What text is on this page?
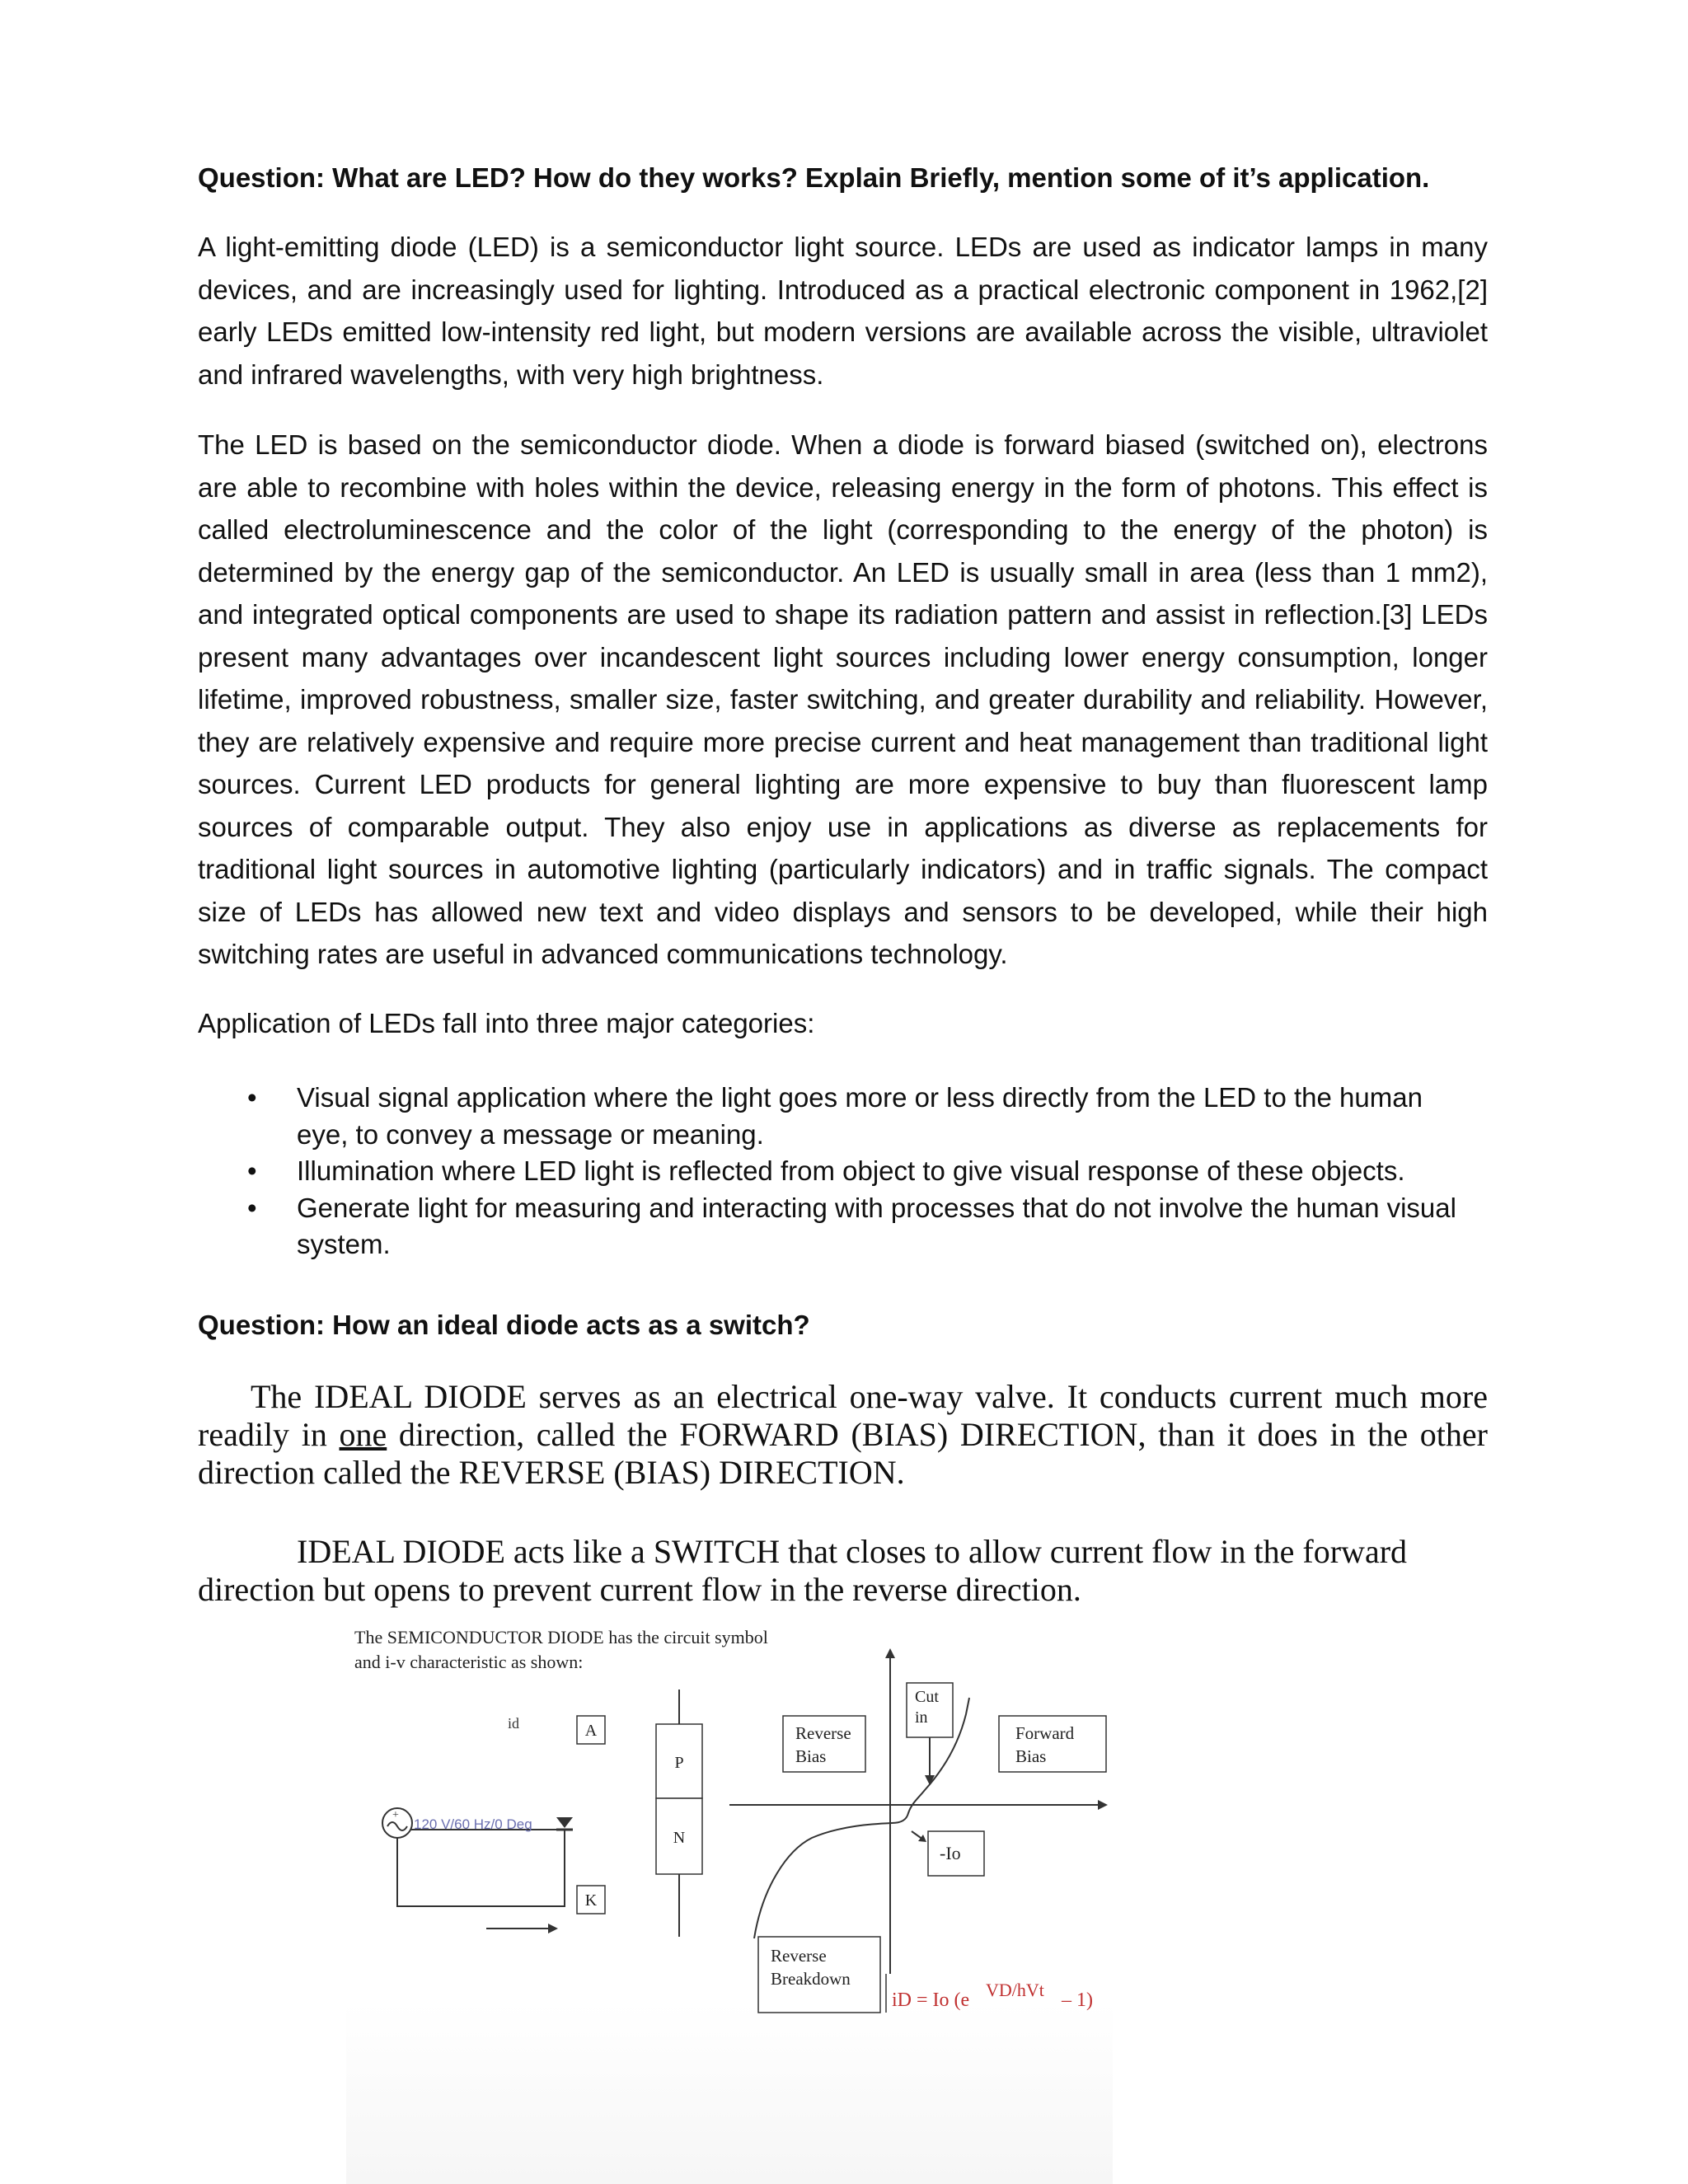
Question: What are LED? How do they works? Explain Briefly, mention some of it’s application.
A light-emitting diode (LED) is a semiconductor light source. LEDs are used as indicator lamps in many devices, and are increasingly used for lighting. Introduced as a practical electronic component in 1962,[2] early LEDs emitted low-intensity red light, but modern versions are available across the visible, ultraviolet and infrared wavelengths, with very high brightness.
The LED is based on the semiconductor diode. When a diode is forward biased (switched on), electrons are able to recombine with holes within the device, releasing energy in the form of photons. This effect is called electroluminescence and the color of the light (corresponding to the energy of the photon) is determined by the energy gap of the semiconductor. An LED is usually small in area (less than 1 mm2), and integrated optical components are used to shape its radiation pattern and assist in reflection.[3] LEDs present many advantages over incandescent light sources including lower energy consumption, longer lifetime, improved robustness, smaller size, faster switching, and greater durability and reliability. However, they are relatively expensive and require more precise current and heat management than traditional light sources. Current LED products for general lighting are more expensive to buy than fluorescent lamp sources of comparable output. They also enjoy use in applications as diverse as replacements for traditional light sources in automotive lighting (particularly indicators) and in traffic signals. The compact size of LEDs has allowed new text and video displays and sensors to be developed, while their high switching rates are useful in advanced communications technology.
Application of LEDs fall into three major categories:
• Visual signal application where the light goes more or less directly from the LED to the human eye, to convey a message or meaning.
• Illumination where LED light is reflected from object to give visual response of these objects.
• Generate light for measuring and interacting with processes that do not involve the human visual system.
Question: How an ideal diode acts as a switch?
The IDEAL DIODE serves as an electrical one-way valve. It conducts current much more readily in one direction, called the FORWARD (BIAS) DIRECTION, than it does in the other direction called the REVERSE (BIAS) DIRECTION.
IDEAL DIODE acts like a SWITCH that closes to allow current flow in the forward direction but opens to prevent current flow in the reverse direction.
The SEMICONDUCTOR DIODE has the circuit symbol
and i-v characteristic as shown:
+
120 V/60 Hz/0 Deg
id	A
K
P
N
Reverse
Bias
Cut
in
Forward
Bias
-Io
Reverse
Breakdown
iD = Io (e VD/hVt – 1)
